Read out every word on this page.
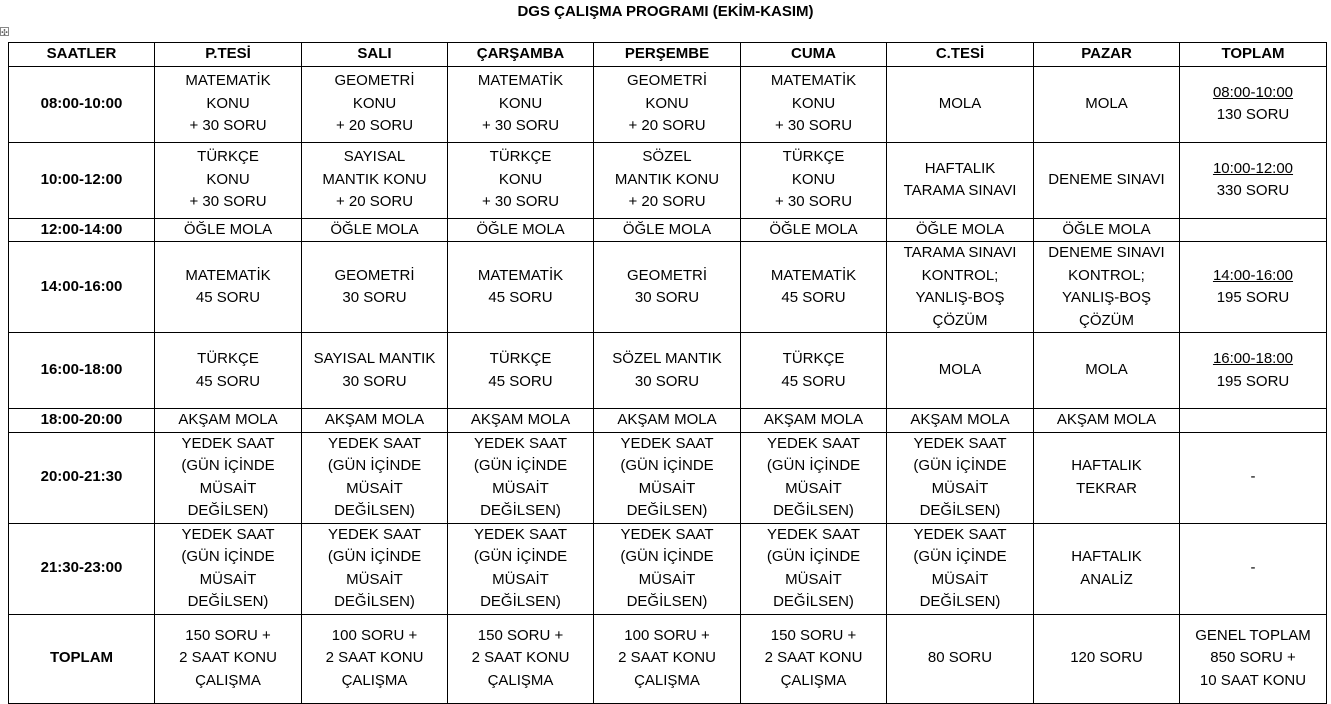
DGS ÇALIŞMA PROGRAMI (EKİM-KASIM)
✣
SAATLER	P.TESİ	SALI	ÇARŞAMBA	PERŞEMBE	CUMA	C.TESİ	PAZAR	TOPLAM
08:00-10:00	MATEMATİK
KONU
+ 30 SORU	GEOMETRİ
KONU
+ 20 SORU	MATEMATİK
KONU
+ 30 SORU	GEOMETRİ
KONU
+ 20 SORU	MATEMATİK
KONU
+ 30 SORU	MOLA	MOLA	08:00-10:00
130 SORU

10:00-12:00	TÜRKÇE
KONU
+ 30 SORU	SAYISAL
MANTIK KONU
+ 20 SORU	TÜRKÇE
KONU
+ 30 SORU	SÖZEL
MANTIK KONU
+ 20 SORU	TÜRKÇE
KONU
+ 30 SORU	HAFTALIK
TARAMA SINAVI	DENEME SINAVI	10:00-12:00
330 SORU

12:00-14:00	ÖĞLE MOLA	ÖĞLE MOLA	ÖĞLE MOLA	ÖĞLE MOLA	ÖĞLE MOLA	ÖĞLE MOLA	ÖĞLE MOLA	

14:00-16:00	MATEMATİK
45 SORU	GEOMETRİ
30 SORU	MATEMATİK
45 SORU	GEOMETRİ
30 SORU	MATEMATİK
45 SORU	TARAMA SINAVI
KONTROL;
YANLIŞ-BOŞ
ÇÖZÜM	DENEME SINAVI
KONTROL;
YANLIŞ-BOŞ
ÇÖZÜM	14:00-16:00
195 SORU

16:00-18:00	TÜRKÇE
45 SORU	SAYISAL MANTIK
30 SORU	TÜRKÇE
45 SORU	SÖZEL MANTIK
30 SORU	TÜRKÇE
45 SORU	MOLA	MOLA	16:00-18:00
195 SORU

18:00-20:00	AKŞAM MOLA	AKŞAM MOLA	AKŞAM MOLA	AKŞAM MOLA	AKŞAM MOLA	AKŞAM MOLA	AKŞAM MOLA	

20:00-21:30	YEDEK SAAT
(GÜN İÇİNDE
MÜSAİT
DEĞİLSEN)	YEDEK SAAT
(GÜN İÇİNDE
MÜSAİT
DEĞİLSEN)	YEDEK SAAT
(GÜN İÇİNDE
MÜSAİT
DEĞİLSEN)	YEDEK SAAT
(GÜN İÇİNDE
MÜSAİT
DEĞİLSEN)	YEDEK SAAT
(GÜN İÇİNDE
MÜSAİT
DEĞİLSEN)	YEDEK SAAT
(GÜN İÇİNDE
MÜSAİT
DEĞİLSEN)	HAFTALIK
TEKRAR	-

21:30-23:00	YEDEK SAAT
(GÜN İÇİNDE
MÜSAİT
DEĞİLSEN)	YEDEK SAAT
(GÜN İÇİNDE
MÜSAİT
DEĞİLSEN)	YEDEK SAAT
(GÜN İÇİNDE
MÜSAİT
DEĞİLSEN)	YEDEK SAAT
(GÜN İÇİNDE
MÜSAİT
DEĞİLSEN)	YEDEK SAAT
(GÜN İÇİNDE
MÜSAİT
DEĞİLSEN)	YEDEK SAAT
(GÜN İÇİNDE
MÜSAİT
DEĞİLSEN)	HAFTALIK
ANALİZ	-

TOPLAM	150 SORU +
2 SAAT KONU
ÇALIŞMA	100 SORU +
2 SAAT KONU
ÇALIŞMA	150 SORU +
2 SAAT KONU
ÇALIŞMA	100 SORU +
2 SAAT KONU
ÇALIŞMA	150 SORU +
2 SAAT KONU
ÇALIŞMA	80 SORU	120 SORU	GENEL TOPLAM
850 SORU +
10 SAAT KONU
